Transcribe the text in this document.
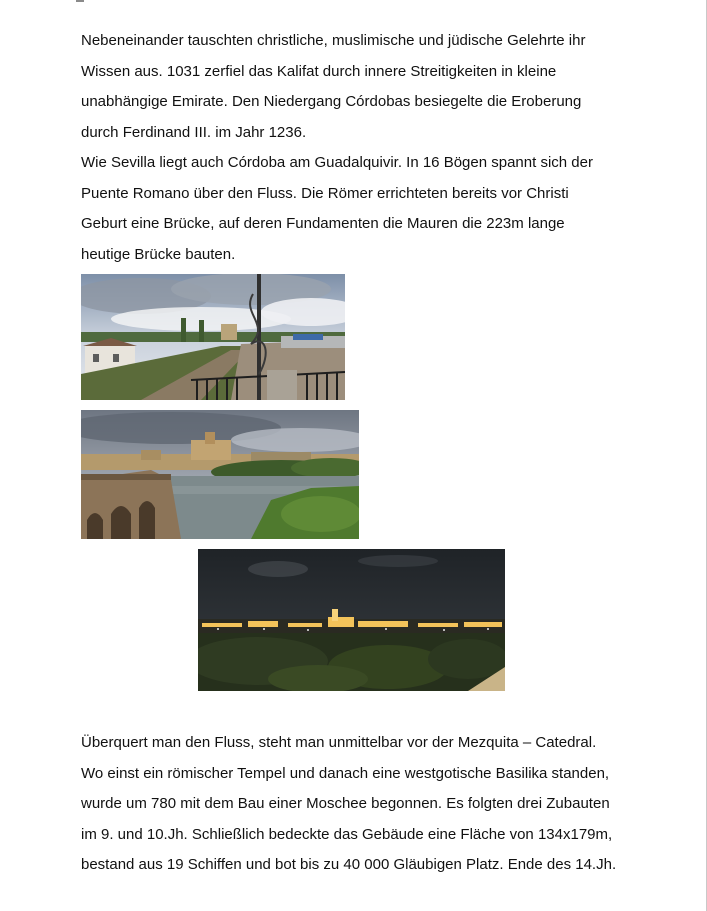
Nebeneinander tauschten christliche, muslimische und jüdische Gelehrte ihr
Wissen aus. 1031 zerfiel das Kalifat durch innere Streitigkeiten in kleine
unabhängige Emirate. Den Niedergang Córdobas besiegelte die Eroberung
durch Ferdinand III. im Jahr 1236.
Wie Sevilla liegt auch Córdoba am Guadalquivir. In 16 Bögen spannt sich der
Puente Romano über den Fluss. Die Römer errichteten bereits vor Christi
Geburt eine Brücke, auf deren Fundamenten die Mauren die 223m lange
heutige Brücke bauten.

Überquert man den Fluss, steht man unmittelbar vor der Mezquita – Catedral.
Wo einst ein römischer Tempel und danach eine westgotische Basilika standen,
wurde um 780 mit dem Bau einer Moschee begonnen. Es folgten drei Zubauten
im 9. und 10.Jh. Schließlich bedeckte das Gebäude eine Fläche von 134x179m,
bestand aus 19 Schiffen und bot bis zu 40 000 Gläubigen Platz. Ende des 14.Jh.
